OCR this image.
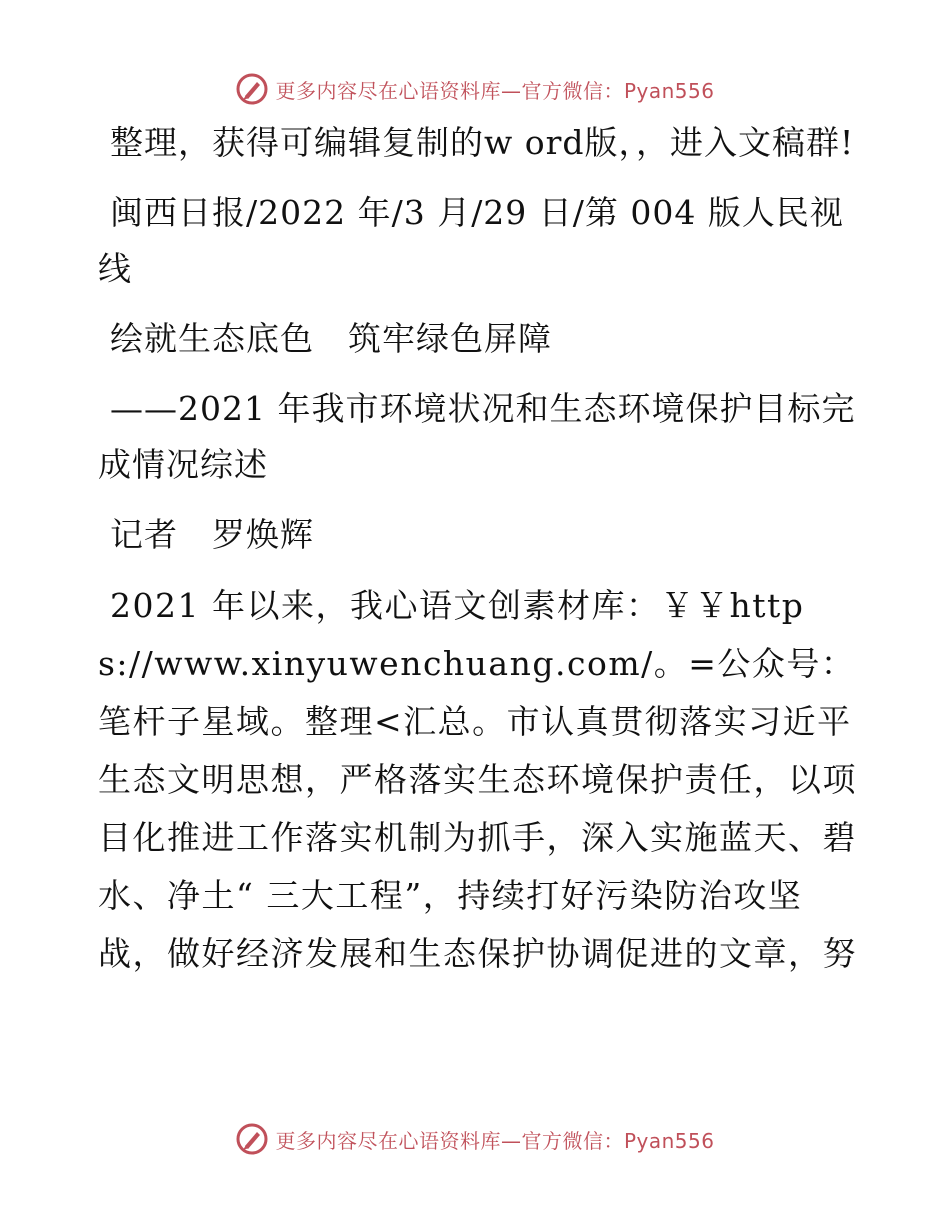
更多内容尽在心语资料库—官方微信：Pyan556

整理，获得可编辑复制的w ord版，，进入文稿群!

闽西日报/2022 年/3 月/29 日/第 004 版人民视线

绘就生态底色　筑牢绿色屏障

——2021 年我市环境状况和生态环境保护目标完成情况综述

记者　罗焕辉

2021 年以来，我心语文创素材库：￥￥https://www.xinyuwenchuang.com/。=公众号：笔杆子星域。整理<汇总。市认真贯彻落实习近平生态文明思想，严格落实生态环境保护责任，以项目化推进工作落实机制为抓手，深入实施蓝天、碧水、净土“ 三大工程”，持续打好污染防治攻坚战，做好经济发展和生态保护协调促进的文章，努

更多内容尽在心语资料库—官方微信：Pyan556
